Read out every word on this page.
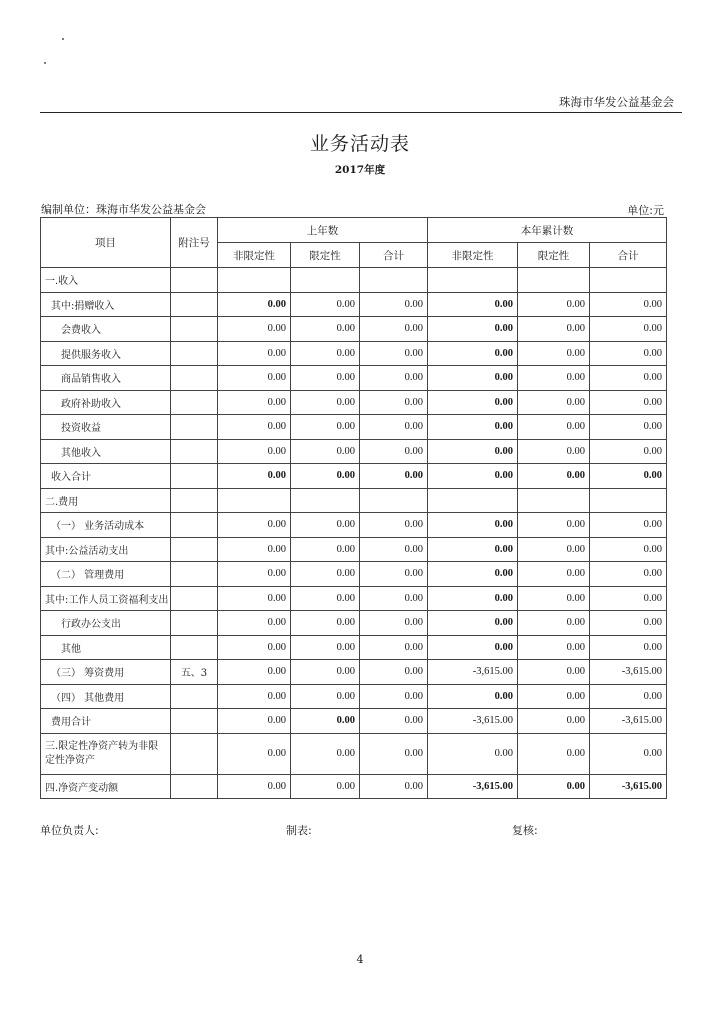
珠海市华发公益基金会
业务活动表
2017年度
编制单位：珠海市华发公益基金会	单位:元
项目	附注号	上年数			本年累计数		
		非限定性	限定性	合计	非限定性	限定性	合计
一.收入							
其中:捐赠收入		0.00	0.00	0.00	0.00	0.00	0.00
会费收入		0.00	0.00	0.00	0.00	0.00	0.00
提供服务收入		0.00	0.00	0.00	0.00	0.00	0.00
商品销售收入		0.00	0.00	0.00	0.00	0.00	0.00
政府补助收入		0.00	0.00	0.00	0.00	0.00	0.00
投资收益		0.00	0.00	0.00	0.00	0.00	0.00
其他收入		0.00	0.00	0.00	0.00	0.00	0.00
收入合计		0.00	0.00	0.00	0.00	0.00	0.00
二.费用							
（一） 业务活动成本		0.00	0.00	0.00	0.00	0.00	0.00
其中:公益活动支出		0.00	0.00	0.00	0.00	0.00	0.00
（二） 管理费用		0.00	0.00	0.00	0.00	0.00	0.00
其中:工作人员工资福利支出		0.00	0.00	0.00	0.00	0.00	0.00
行政办公支出		0.00	0.00	0.00	0.00	0.00	0.00
其他		0.00	0.00	0.00	0.00	0.00	0.00
（三） 筹资费用	五、3	0.00	0.00	0.00	-3,615.00	0.00	-3,615.00
（四） 其他费用		0.00	0.00	0.00	0.00	0.00	0.00
费用合计		0.00	0.00	0.00	-3,615.00	0.00	-3,615.00
三.限定性净资产转为非限定性净资产		0.00	0.00	0.00	0.00	0.00	0.00
四.净资产变动额		0.00	0.00	0.00	-3,615.00	0.00	-3,615.00
单位负责人:	制表:	复核:
4
